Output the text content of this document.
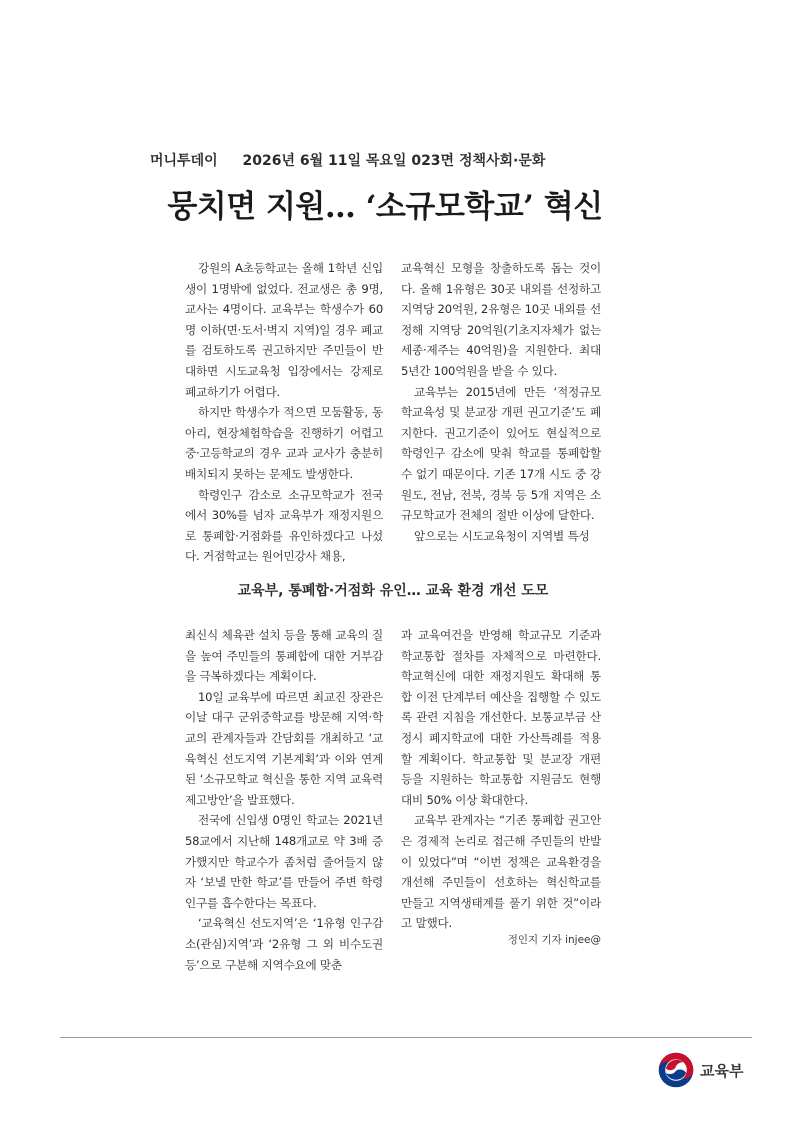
머니투데이 2026년 6월 11일 목요일 023면 정책사회·문화
뭉치면 지원… ‘소규모학교’ 혁신

강원의 A초등학교는 올해 1학년 신입생이 1명밖에 없었다. 전교생은 총 9명, 교사는 4명이다. 교육부는 학생수가 60명 이하(면·도서·벽지 지역)일 경우 폐교를 검토하도록 권고하지만 주민들이 반대하면 시도교육청 입장에서는 강제로 폐교하기가 어렵다.

하지만 학생수가 적으면 모둠활동, 동아리, 현장체험학습을 진행하기 어렵고 중·고등학교의 경우 교과 교사가 충분히 배치되지 못하는 문제도 발생한다.

학령인구 감소로 소규모학교가 전국에서 30%를 넘자 교육부가 재정지원으로 통폐합·거점화를 유인하겠다고 나섰다. 거점학교는 원어민강사 채용,

교육혁신 모형을 창출하도록 돕는 것이다. 올해 1유형은 30곳 내외를 선정하고 지역당 20억원, 2유형은 10곳 내외를 선정해 지역당 20억원(기초지자체가 없는 세종·제주는 40억원)을 지원한다. 최대 5년간 100억원을 받을 수 있다.

교육부는 2015년에 만든 ‘적정규모 학교육성 및 분교장 개편 권고기준’도 폐지한다. 권고기준이 있어도 현실적으로 학령인구 감소에 맞춰 학교를 통폐합할 수 없기 때문이다. 기존 17개 시도 중 강원도, 전남, 전북, 경북 등 5개 지역은 소규모학교가 전체의 절반 이상에 달한다.

앞으로는 시도교육청이 지역별 특성

교육부, 통폐합·거점화 유인… 교육 환경 개선 도모

최신식 체육관 설치 등을 통해 교육의 질을 높여 주민들의 통폐합에 대한 거부감을 극복하겠다는 계획이다.

10일 교육부에 따르면 최교진 장관은 이날 대구 군위중학교를 방문해 지역·학교의 관계자들과 간담회를 개최하고 ‘교육혁신 선도지역 기본계획’과 이와 연계된 ‘소규모학교 혁신을 통한 지역 교육력 제고방안’을 발표했다.

전국에 신입생 0명인 학교는 2021년 58교에서 지난해 148개교로 약 3배 증가했지만 학교수가 좀처럼 줄어들지 않자 ‘보낼 만한 학교’를 만들어 주변 학령인구를 흡수한다는 목표다.

‘교육혁신 선도지역’은 ‘1유형 인구감소(관심)지역’과 ‘2유형 그 외 비수도권 등’으로 구분해 지역수요에 맞춘

과 교육여건을 반영해 학교규모 기준과 학교통합 절차를 자체적으로 마련한다. 학교혁신에 대한 재정지원도 확대해 통합 이전 단계부터 예산을 집행할 수 있도록 관련 지침을 개선한다. 보통교부금 산정시 폐지학교에 대한 가산특례를 적용할 계획이다. 학교통합 및 분교장 개편 등을 지원하는 학교통합 지원금도 현행 대비 50% 이상 확대한다.

교육부 관계자는 “기존 통폐합 권고안은 경제적 논리로 접근해 주민들의 반발이 있었다”며 “이번 정책은 교육환경을 개선해 주민들이 선호하는 혁신학교를 만들고 지역생태계를 풀기 위한 것”이라고 말했다.

정인지 기자 injee@
교육부
